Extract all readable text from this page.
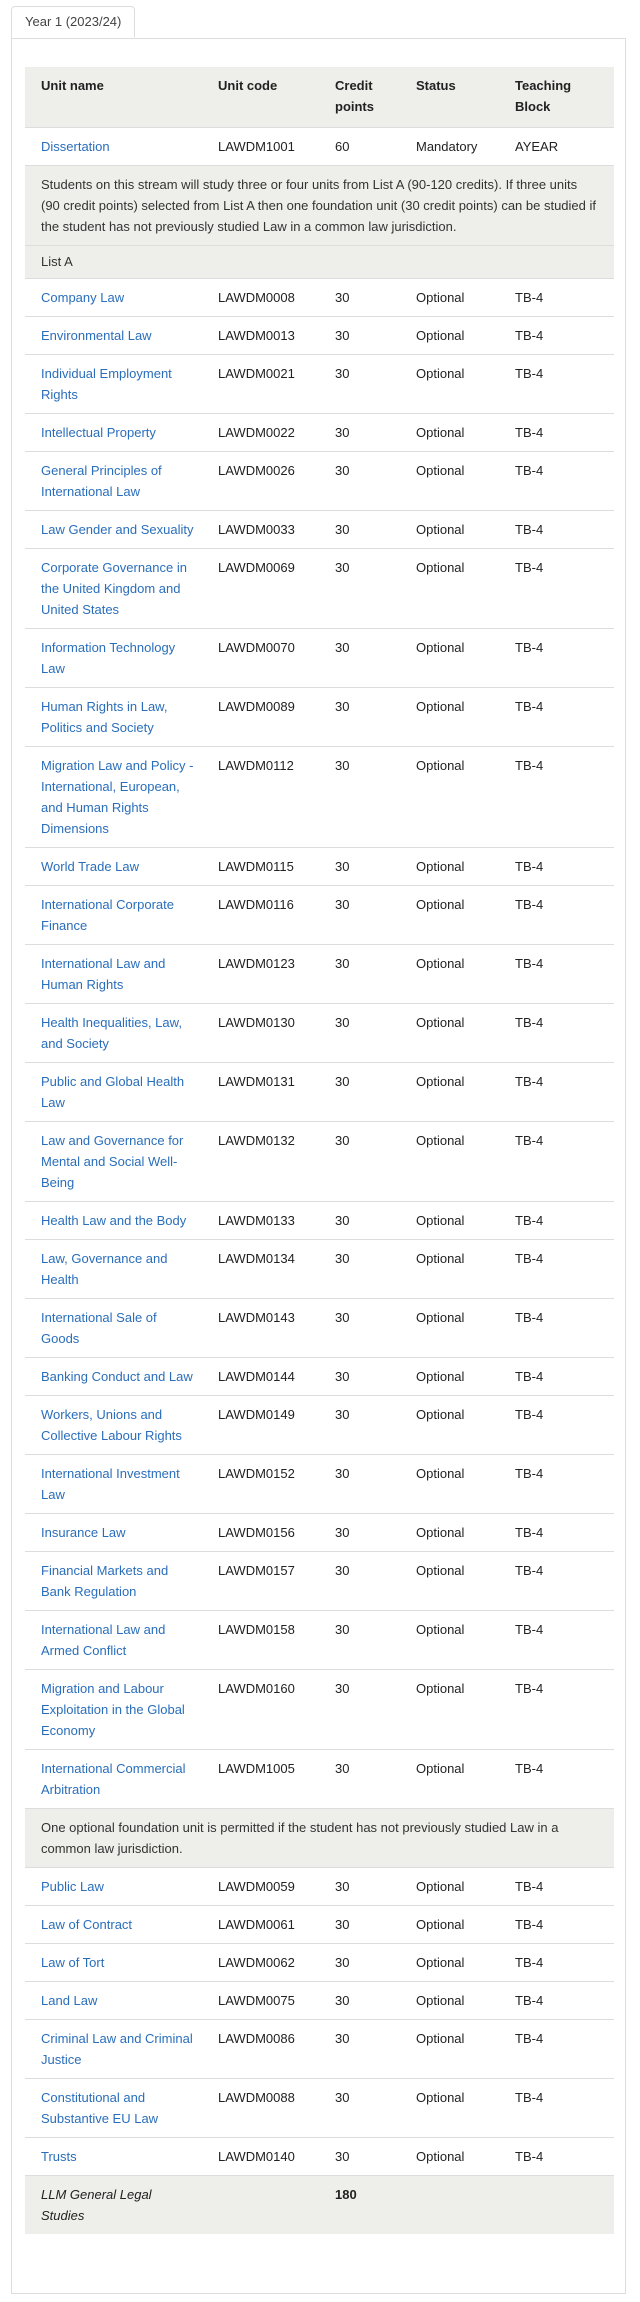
Year 1 (2023/24)
Unit name	Unit code	Credit points	Status	Teaching Block
Dissertation	LAWDM1001	60	Mandatory	AYEAR
Students on this stream will study three or four units from List A (90-120 credits). If three units (90 credit points) selected from List A then one foundation unit (30 credit points) can be studied if the student has not previously studied Law in a common law jurisdiction.				
List A				
Company Law	LAWDM0008	30	Optional	TB-4
Environmental Law	LAWDM0013	30	Optional	TB-4
Individual Employment Rights	LAWDM0021	30	Optional	TB-4
Intellectual Property	LAWDM0022	30	Optional	TB-4
General Principles of International Law	LAWDM0026	30	Optional	TB-4
Law Gender and Sexuality	LAWDM0033	30	Optional	TB-4
Corporate Governance in the United Kingdom and United States	LAWDM0069	30	Optional	TB-4
Information Technology Law	LAWDM0070	30	Optional	TB-4
Human Rights in Law, Politics and Society	LAWDM0089	30	Optional	TB-4
Migration Law and Policy - International, European, and Human Rights Dimensions	LAWDM0112	30	Optional	TB-4
World Trade Law	LAWDM0115	30	Optional	TB-4
International Corporate Finance	LAWDM0116	30	Optional	TB-4
International Law and Human Rights	LAWDM0123	30	Optional	TB-4
Health Inequalities, Law, and Society	LAWDM0130	30	Optional	TB-4
Public and Global Health Law	LAWDM0131	30	Optional	TB-4
Law and Governance for Mental and Social Well-Being	LAWDM0132	30	Optional	TB-4
Health Law and the Body	LAWDM0133	30	Optional	TB-4
Law, Governance and Health	LAWDM0134	30	Optional	TB-4
International Sale of Goods	LAWDM0143	30	Optional	TB-4
Banking Conduct and Law	LAWDM0144	30	Optional	TB-4
Workers, Unions and Collective Labour Rights	LAWDM0149	30	Optional	TB-4
International Investment Law	LAWDM0152	30	Optional	TB-4
Insurance Law	LAWDM0156	30	Optional	TB-4
Financial Markets and Bank Regulation	LAWDM0157	30	Optional	TB-4
International Law and Armed Conflict	LAWDM0158	30	Optional	TB-4
Migration and Labour Exploitation in the Global Economy	LAWDM0160	30	Optional	TB-4
International Commercial Arbitration	LAWDM1005	30	Optional	TB-4
One optional foundation unit is permitted if the student has not previously studied Law in a common law jurisdiction.				
Public Law	LAWDM0059	30	Optional	TB-4
Law of Contract	LAWDM0061	30	Optional	TB-4
Law of Tort	LAWDM0062	30	Optional	TB-4
Land Law	LAWDM0075	30	Optional	TB-4
Criminal Law and Criminal Justice	LAWDM0086	30	Optional	TB-4
Constitutional and Substantive EU Law	LAWDM0088	30	Optional	TB-4
Trusts	LAWDM0140	30	Optional	TB-4
LLM General Legal Studies		180		
